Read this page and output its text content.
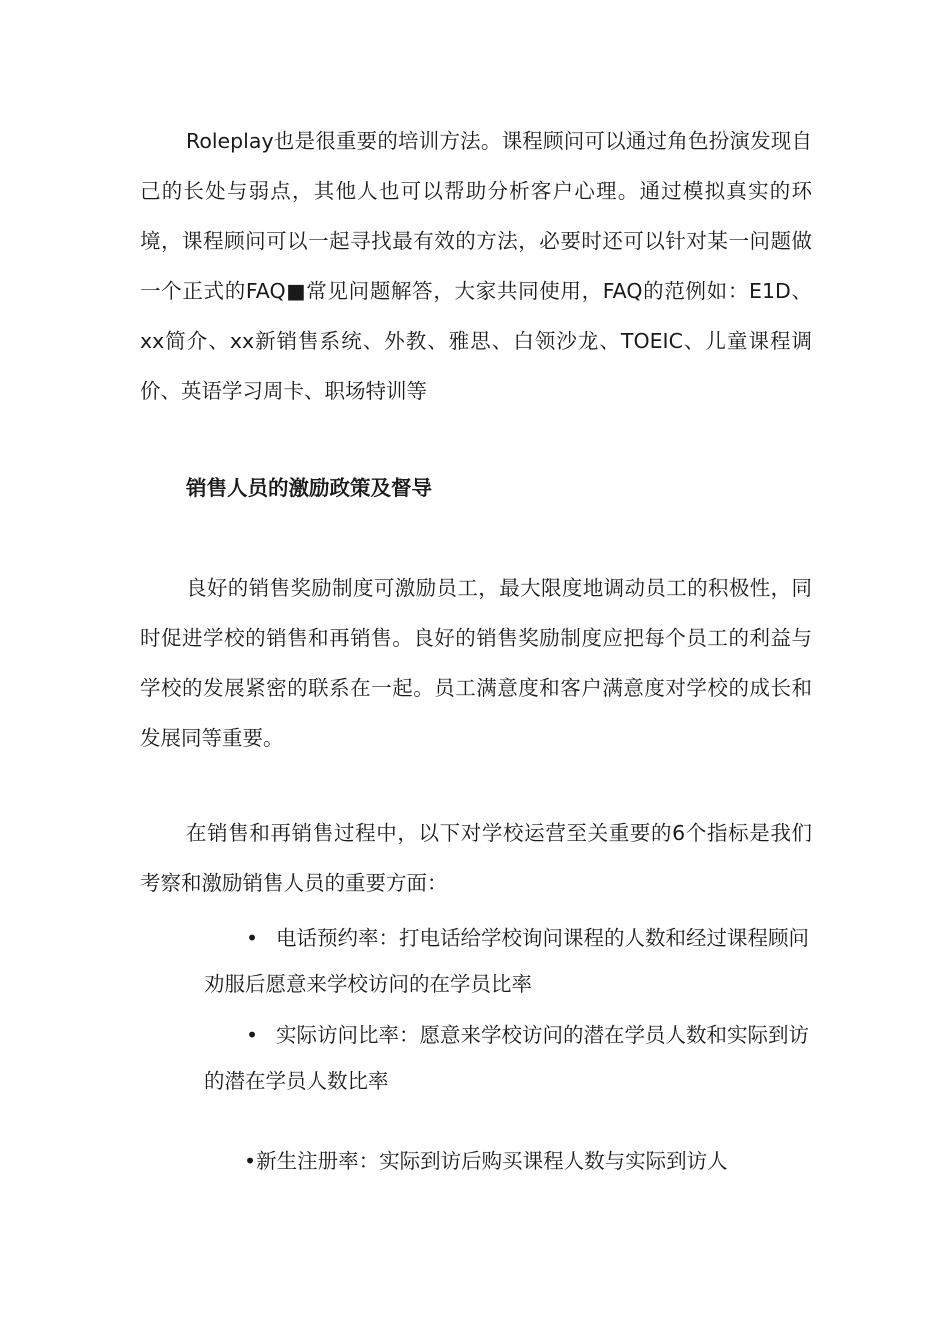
Roleplay也是很重要的培训方法。课程顾问可以通过角色扮演发现自己的长处与弱点，其他人也可以帮助分析客户心理。通过模拟真实的环境，课程顾问可以一起寻找最有效的方法，必要时还可以针对某一问题做一个正式的FAQ■常见问题解答，大家共同使用，FAQ的范例如：E1D、xx简介、xx新销售系统、外教、雅思、白领沙龙、TOEIC、儿童课程调价、英语学习周卡、职场特训等

销售人员的激励政策及督导

良好的销售奖励制度可激励员工，最大限度地调动员工的积极性，同时促进学校的销售和再销售。良好的销售奖励制度应把每个员工的利益与学校的发展紧密的联系在一起。员工满意度和客户满意度对学校的成长和发展同等重要。

在销售和再销售过程中，以下对学校运营至关重要的6个指标是我们考察和激励销售人员的重要方面：

• 电话预约率：打电话给学校询问课程的人数和经过课程顾问劝服后愿意来学校访问的在学员比率

• 实际访问比率：愿意来学校访问的潜在学员人数和实际到访的潜在学员人数比率

•新生注册率：实际到访后购买课程人数与实际到访人
